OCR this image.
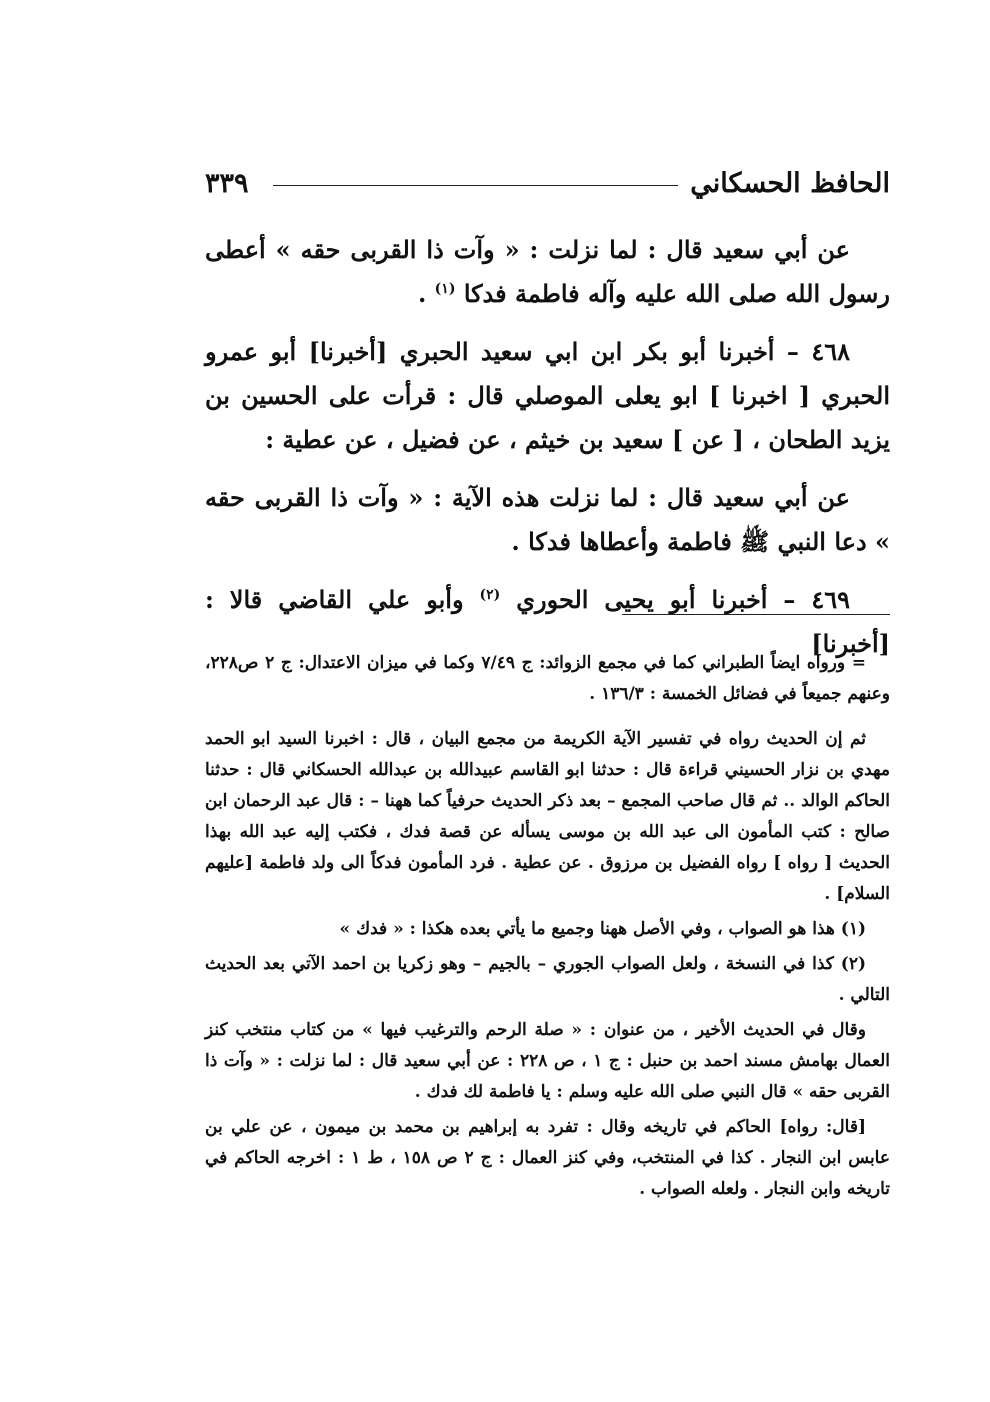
٣٣٩	الحافظ الحسكاني

عن أبي سعيد قال : لما نزلت : « وآت ذا القربى حقه » أعطى رسول الله صلى الله عليه وآله فاطمة فدكا $^{(١)}$ .

٤٦٨ – أخبرنا أبو بكر ابن ابي سعيد الحبري [أخبرنا] أبو عمرو الحبري [ اخبرنا ] ابو يعلى الموصلي قال : قرأت على الحسين بن يزيد الطحان ، [ عن ] سعيد بن خيثم ، عن فضيل ، عن عطية :

عن أبي سعيد قال : لما نزلت هذه الآية : « وآت ذا القربى حقه » دعا النبي ﷺ فاطمة وأعطاها فدكا .

٤٦٩ – أخبرنا أبو يحيى الحوري $^{(٢)}$ وأبو علي القاضي قالا : [أخبرنا]

= ورواه ايضاً الطبراني كما في مجمع الزوائد: ج ٧/٤٩ وكما في ميزان الاعتدال: ج ٢ ص٢٢٨، وعنهم جميعاً في فضائل الخمسة : ١٣٦/٣ .

ثم إن الحديث رواه في تفسير الآية الكريمة من مجمع البيان ، قال : اخبرنا السيد ابو الحمد مهدي بن نزار الحسيني قراءة قال : حدثنا ابو القاسم عبيدالله بن عبدالله الحسكاني قال : حدثنا الحاكم الوالد .. ثم قال صاحب المجمع – بعد ذكر الحديث حرفياً كما ههنا – : قال عبد الرحمان ابن صالح : كتب المأمون الى عبد الله بن موسى يسأله عن قصة فدك ، فكتب إليه عبد الله بهذا الحديث [ رواه ] رواه الفضيل بن مرزوق . عن عطية . فرد المأمون فدكاً الى ولد فاطمة [عليهم السلام] .

(١) هذا هو الصواب ، وفي الأصل ههنا وجميع ما يأتي بعده هكذا : « فدك »

(٢) كذا في النسخة ، ولعل الصواب الجوري – بالجيم – وهو زكريا بن احمد الآتي بعد الحديث التالي .

وقال في الحديث الأخير ، من عنوان : « صلة الرحم والترغيب فيها » من كتاب منتخب كنز العمال بهامش مسند احمد بن حنبل : ج ١ ، ص ٢٢٨ : عن أبي سعيد قال : لما نزلت : « وآت ذا القربى حقه » قال النبي صلى الله عليه وسلم : يا فاطمة لك فدك .

[قال: رواه] الحاكم في تاريخه وقال : تفرد به إبراهيم بن محمد بن ميمون ، عن علي بن عابس ابن النجار . كذا في المنتخب، وفي كنز العمال : ج ٢ ص ١٥٨ ، ط ١ : اخرجه الحاكم في تاريخه وابن النجار . ولعله الصواب .
